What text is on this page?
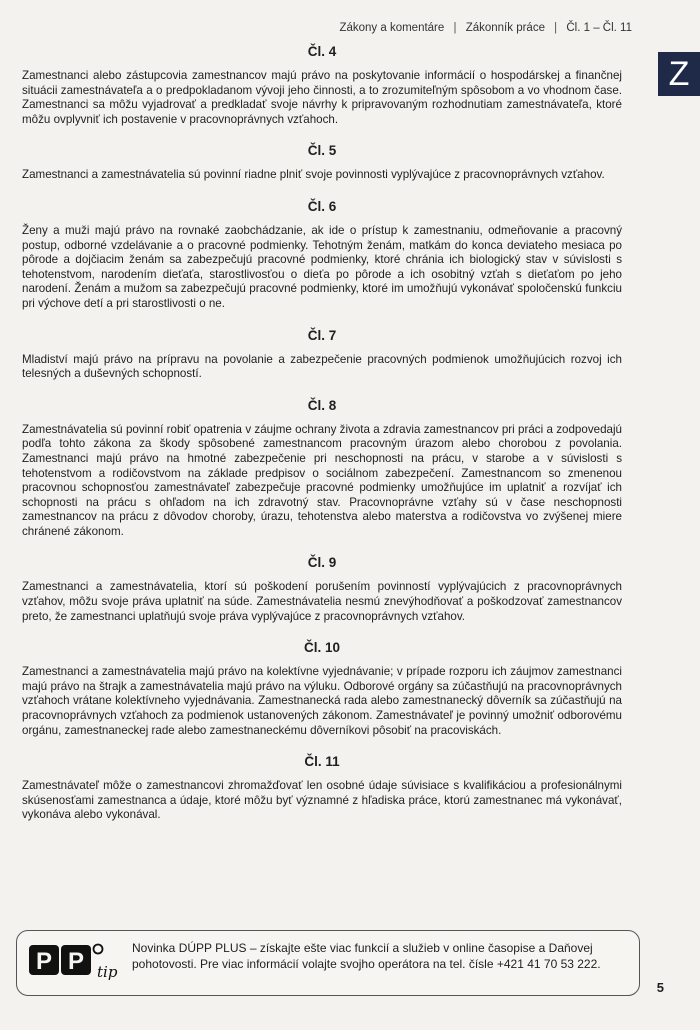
Zákony a komentáre | Zákonník práce | Čl. 1 – Čl. 11
Z
Čl. 4

Zamestnanci alebo zástupcovia zamestnancov majú právo na poskytovanie informácií o hospodárskej a finančnej situácii zamestnávateľa a o predpokladanom vývoji jeho činnosti, a to zrozumiteľným spôsobom a vo vhodnom čase. Zamestnanci sa môžu vyjadrovať a predkladať svoje návrhy k pripravovaným rozhodnutiam zamestnávateľa, ktoré môžu ovplyvniť ich postavenie v pracovnoprávnych vzťahoch.

Čl. 5

Zamestnanci a zamestnávatelia sú povinní riadne plniť svoje povinnosti vyplývajúce z pracovnoprávnych vzťahov.

Čl. 6

Ženy a muži majú právo na rovnaké zaobchádzanie, ak ide o prístup k zamestnaniu, odmeňovanie a pracovný postup, odborné vzdelávanie a o pracovné podmienky. Tehotným ženám, matkám do konca deviateho mesiaca po pôrode a dojčiacim ženám sa zabezpečujú pracovné podmienky, ktoré chránia ich biologický stav v súvislosti s tehotenstvom, narodením dieťaťa, starostlivosťou o dieťa po pôrode a ich osobitný vzťah s dieťaťom po jeho narodení. Ženám a mužom sa zabezpečujú pracovné podmienky, ktoré im umožňujú vykonávať spoločenskú funkciu pri výchove detí a pri starostlivosti o ne.

Čl. 7

Mladiství majú právo na prípravu na povolanie a zabezpečenie pracovných podmienok umožňujúcich rozvoj ich telesných a duševných schopností.

Čl. 8

Zamestnávatelia sú povinní robiť opatrenia v záujme ochrany života a zdravia zamestnancov pri práci a zodpovedajú podľa tohto zákona za škody spôsobené zamestnancom pracovným úrazom alebo chorobou z povolania. Zamestnanci majú právo na hmotné zabezpečenie pri neschopnosti na prácu, v starobe a v súvislosti s tehotenstvom a rodičovstvom na základe predpisov o sociálnom zabezpečení. Zamestnancom so zmenenou pracovnou schopnosťou zamestnávateľ zabezpečuje pracovné podmienky umožňujúce im uplatniť a rozvíjať ich schopnosti na prácu s ohľadom na ich zdravotný stav. Pracovnoprávne vzťahy sú v čase neschopnosti zamestnancov na prácu z dôvodov choroby, úrazu, tehotenstva alebo materstva a rodičovstva vo zvýšenej miere chránené zákonom.

Čl. 9

Zamestnanci a zamestnávatelia, ktorí sú poškodení porušením povinností vyplývajúcich z pracovnoprávnych vzťahov, môžu svoje práva uplatniť na súde. Zamestnávatelia nesmú znevýhodňovať a poškodzovať zamestnancov preto, že zamestnanci uplatňujú svoje práva vyplývajúce z pracovnoprávnych vzťahov.

Čl. 10

Zamestnanci a zamestnávatelia majú právo na kolektívne vyjednávanie; v prípade rozporu ich záujmov zamestnanci majú právo na štrajk a zamestnávatelia majú právo na výluku. Odborové orgány sa zúčastňujú na pracovnoprávnych vzťahoch vrátane kolektívneho vyjednávania. Zamestnanecká rada alebo zamestnanecký dôverník sa zúčastňujú na pracovnoprávnych vzťahoch za podmienok ustanovených zákonom. Zamestnávateľ je povinný umožniť odborovému orgánu, zamestnaneckej rade alebo zamestnaneckému dôverníkovi pôsobiť na pracoviskách.

Čl. 11

Zamestnávateľ môže o zamestnancovi zhromažďovať len osobné údaje súvisiace s kvalifikáciou a profesionálnymi skúsenosťami zamestnanca a údaje, ktoré môžu byť významné z hľadiska práce, ktorú zamestnanec má vykonávať, vykonáva alebo vykonával.

P P tip
Novinka DÚPP PLUS – získajte ešte viac funkcií a služieb v online časopise a Daňovej pohotovosti. Pre viac informácií volajte svojho operátora na tel. čísle +421 41 70 53 222.
5
